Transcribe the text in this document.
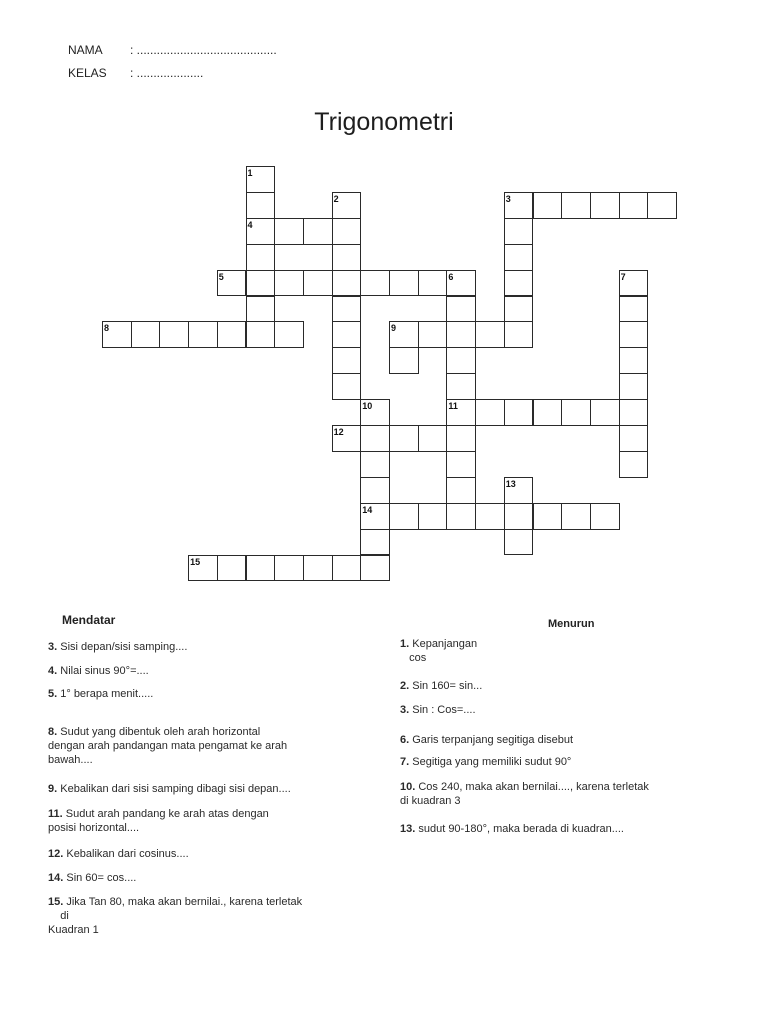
NAMA : ..........................................
KELAS : ....................
Trigonometri
1
2	3
4
5	6	7
8	9
10	11
12
13
14
15
Mendatar	Menurun
3. Sisi depan/sisi samping....
4. Nilai sinus 90°=....
5. 1° berapa menit.....
8. Sudut yang dibentuk oleh arah horizontal
dengan arah pandangan mata pengamat ke arah
bawah....
9. Kebalikan dari sisi samping dibagi sisi depan....
11. Sudut arah pandang ke arah atas dengan
posisi horizontal....
12. Kebalikan dari cosinus....
14. Sin 60= cos....
15. Jika Tan 80, maka akan bernilai., karena terletak
di
Kuadran 1
1. Kepanjangan
cos
2. Sin 160= sin...
3. Sin : Cos=....
6. Garis terpanjang segitiga disebut
7. Segitiga yang memiliki sudut 90°
10. Cos 240, maka akan bernilai...., karena terletak
di kuadran 3
13. sudut 90-180°, maka berada di kuadran....
